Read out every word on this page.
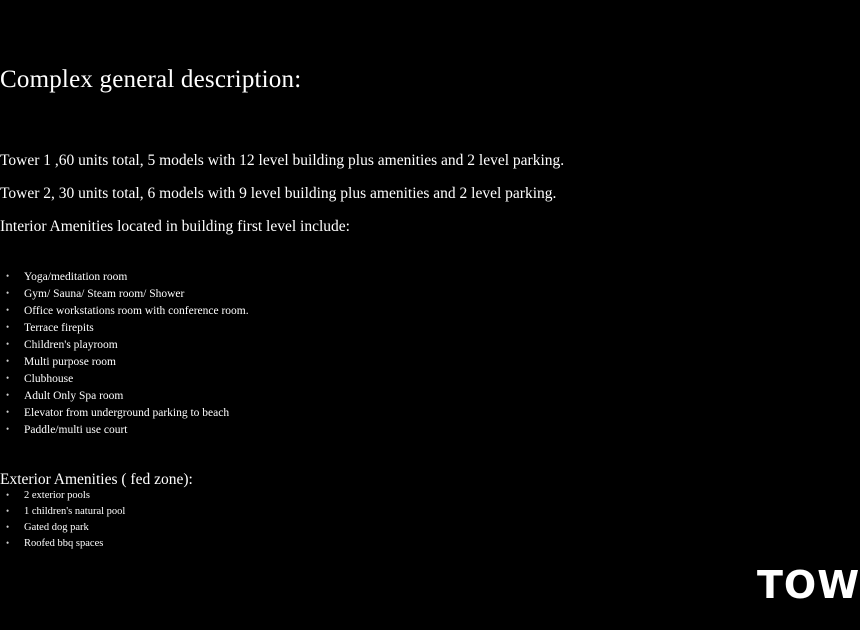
Complex general description:

Tower 1 ,60 units total, 5 models with 12 level building plus amenities and 2 level parking.

Tower 2, 30 units total, 6 models with 9 level building plus amenities and 2 level parking.

Interior Amenities located in building first level include:

• Yoga/meditation room
• Gym/ Sauna/ Steam room/ Shower
• Office workstations room with conference room.
• Terrace firepits
• Children's playroom
• Multi purpose room
• Clubhouse
• Adult Only Spa room
• Elevator from underground parking to beach
• Paddle/multi use court

Exterior Amenities ( fed zone):

• 2 exterior pools
• 1 children's natural pool
• Gated dog park
• Roofed bbq spaces
TOW
